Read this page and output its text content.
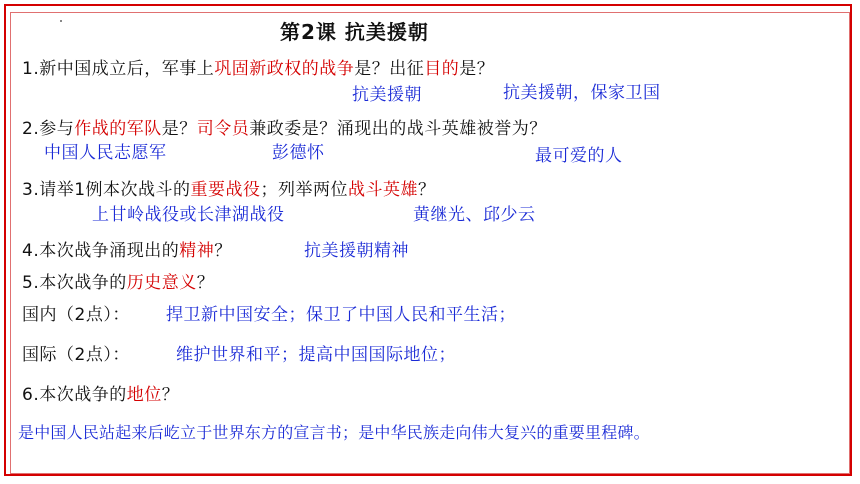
第2课 抗美援朝
1.新中国成立后，军事上巩固新政权的战争是？出征目的是？
抗美援朝	抗美援朝，保家卫国
2.参与作战的军队是？司令员兼政委是？涌现出的战斗英雄被誉为？
中国人民志愿军	彭德怀	最可爱的人
3.请举1例本次战斗的重要战役；列举两位战斗英雄？
上甘岭战役或长津湖战役	黄继光、邱少云
4.本次战争涌现出的精神？	抗美援朝精神
5.本次战争的历史意义？
国内（2点）： 捍卫新中国安全；保卫了中国人民和平生活；
国际（2点）：	维护世界和平；提高中国国际地位；
6.本次战争的地位？
是中国人民站起来后屹立于世界东方的宣言书；是中华民族走向伟大复兴的重要里程碑。
